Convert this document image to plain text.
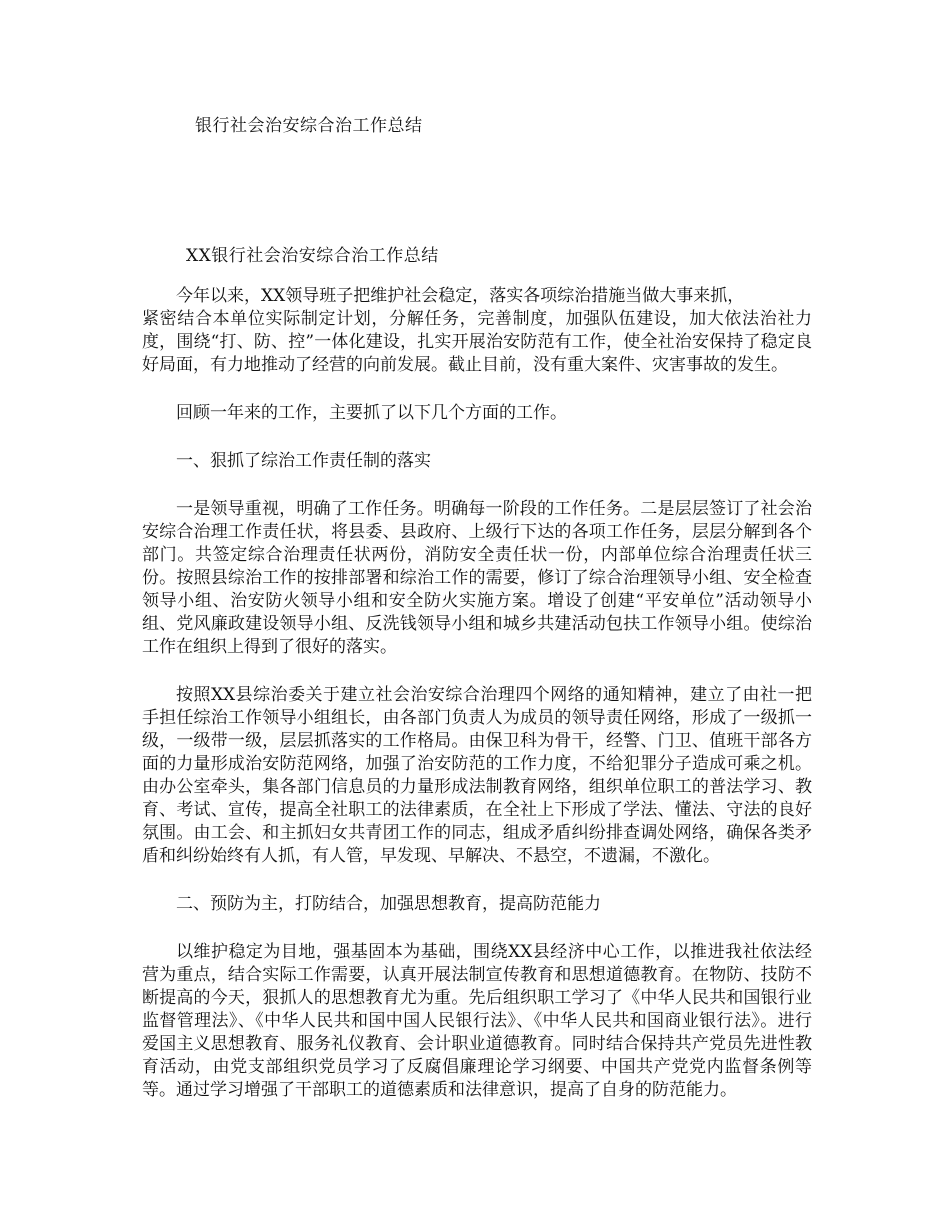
银行社会治安综合治工作总结
XX银行社会治安综合治工作总结

今年以来，XX领导班子把维护社会稳定，落实各项综治措施当做大事来抓，
紧密结合本单位实际制定计划，分解任务，完善制度，加强队伍建设，加大依法治社力度，围绕“打、防、控”一体化建设，扎实开展治安防范有工作，使全社治安保持了稳定良好局面，有力地推动了经营的向前发展。截止目前，没有重大案件、灾害事故的发生。

回顾一年来的工作，主要抓了以下几个方面的工作。

一、狠抓了综治工作责任制的落实

一是领导重视，明确了工作任务。明确每一阶段的工作任务。二是层层签订了社会治安综合治理工作责任状，将县委、县政府、上级行下达的各项工作任务，层层分解到各个部门。共签定综合治理责任状两份，消防安全责任状一份，内部单位综合治理责任状三份。按照县综治工作的按排部署和综治工作的需要，修订了综合治理领导小组、安全检查领导小组、治安防火领导小组和安全防火实施方案。增设了创建“平安单位”活动领导小组、党风廉政建设领导小组、反洗钱领导小组和城乡共建活动包扶工作领导小组。使综治工作在组织上得到了很好的落实。

按照XX县综治委关于建立社会治安综合治理四个网络的通知精神，建立了由社一把手担任综治工作领导小组组长，由各部门负责人为成员的领导责任网络，形成了一级抓一级，一级带一级，层层抓落实的工作格局。由保卫科为骨干，经警、门卫、值班干部各方面的力量形成治安防范网络，加强了治安防范的工作力度，不给犯罪分子造成可乘之机。由办公室牵头，集各部门信息员的力量形成法制教育网络，组织单位职工的普法学习、教育、考试、宣传，提高全社职工的法律素质，在全社上下形成了学法、懂法、守法的良好氛围。由工会、和主抓妇女共青团工作的同志，组成矛盾纠纷排查调处网络，确保各类矛盾和纠纷始终有人抓，有人管，早发现、早解决、不悬空，不遗漏，不激化。

二、预防为主，打防结合，加强思想教育，提高防范能力

以维护稳定为目地，强基固本为基础，围绕XX县经济中心工作，以推进我社依法经营为重点，结合实际工作需要，认真开展法制宣传教育和思想道德教育。在物防、技防不断提高的今天，狠抓人的思想教育尤为重。先后组织职工学习了《中华人民共和国银行业监督管理法》、《中华人民共和国中国人民银行法》、《中华人民共和国商业银行法》。进行爱国主义思想教育、服务礼仪教育、会计职业道德教育。同时结合保持共产党员先进性教育活动，由党支部组织党员学习了反腐倡廉理论学习纲要、中国共产党党内监督条例等等。通过学习增强了干部职工的道德素质和法律意识，提高了自身的防范能力。
